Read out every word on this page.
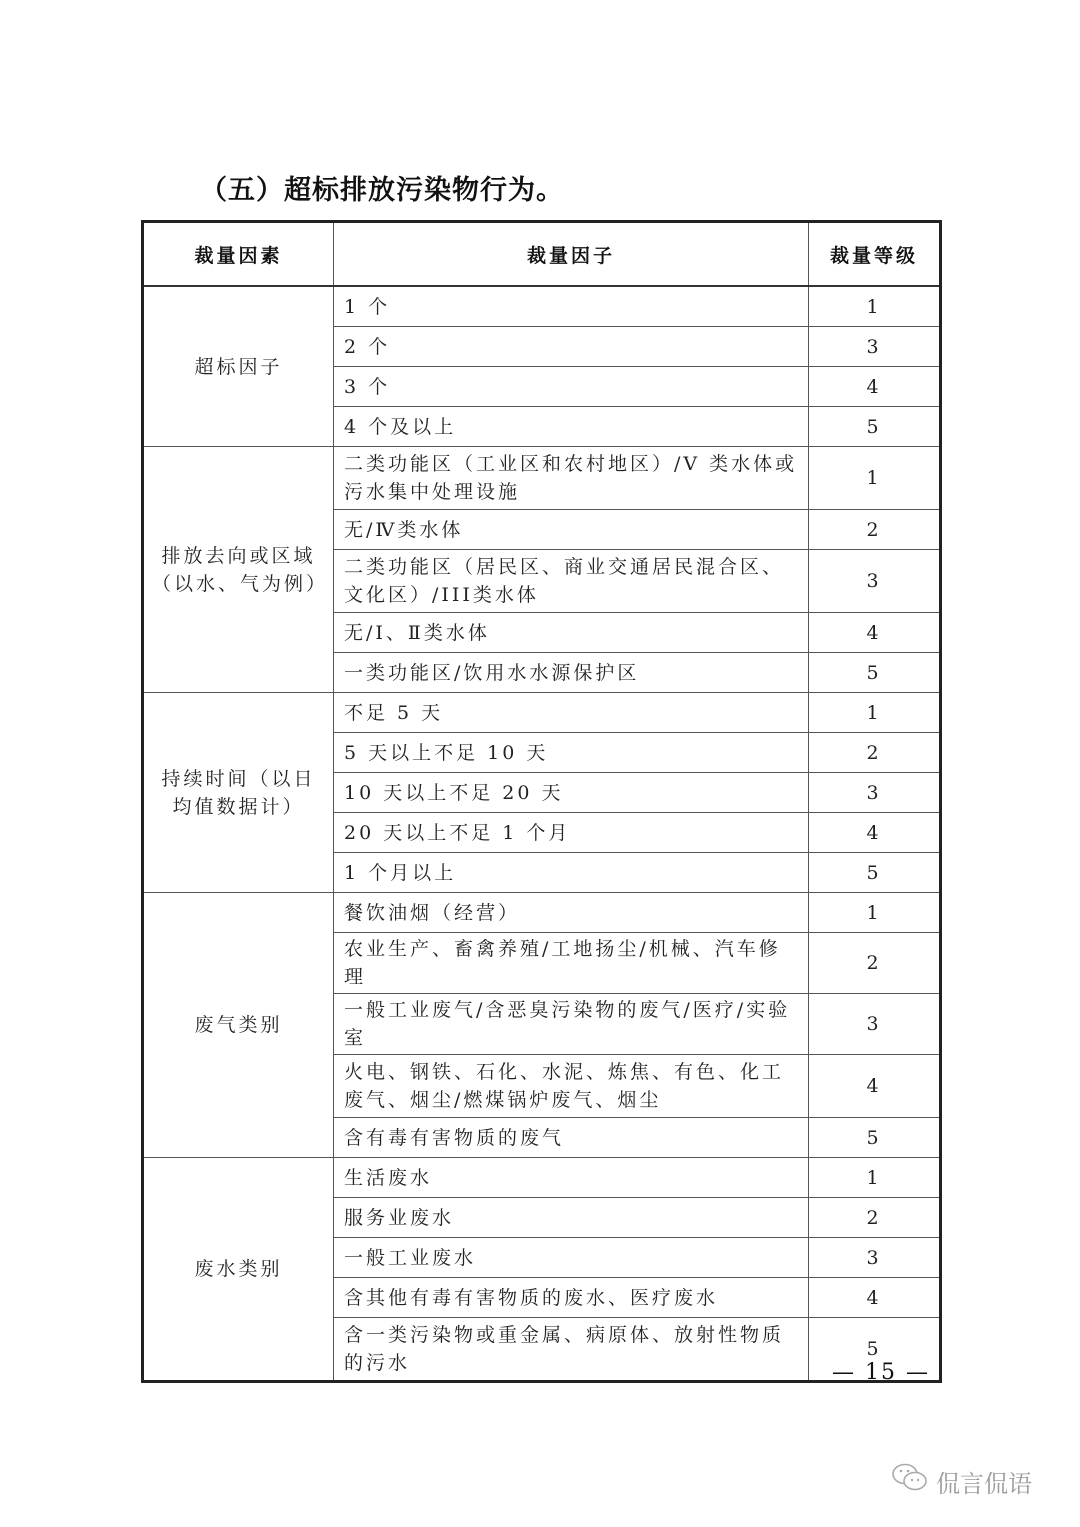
（五）超标排放污染物行为。
裁量因素	裁量因子	裁量等级
超标因子	1 个	1
	2 个	3
	3 个	4
	4 个及以上	5
排放去向或区域（以水、气为例）	二类功能区（工业区和农村地区）/V 类水体或污水集中处理设施	1
	无/Ⅳ类水体	2
	二类功能区（居民区、商业交通居民混合区、文化区）/III类水体	3
	无/I、Ⅱ类水体	4
	一类功能区/饮用水水源保护区	5
持续时间（以日均值数据计）	不足 5 天	1
	5 天以上不足 10 天	2
	10 天以上不足 20 天	3
	20 天以上不足 1 个月	4
	1 个月以上	5
废气类别	餐饮油烟（经营）	1
	农业生产、畜禽养殖/工地扬尘/机械、汽车修理	2
	一般工业废气/含恶臭污染物的废气/医疗/实验室	3
	火电、钢铁、石化、水泥、炼焦、有色、化工废气、烟尘/燃煤锅炉废气、烟尘	4
	含有毒有害物质的废气	5
废水类别	生活废水	1
	服务业废水	2
	一般工业废水	3
	含其他有毒有害物质的废水、医疗废水	4
	含一类污染物或重金属、病原体、放射性物质的污水	5
— 15 —
侃言侃语
